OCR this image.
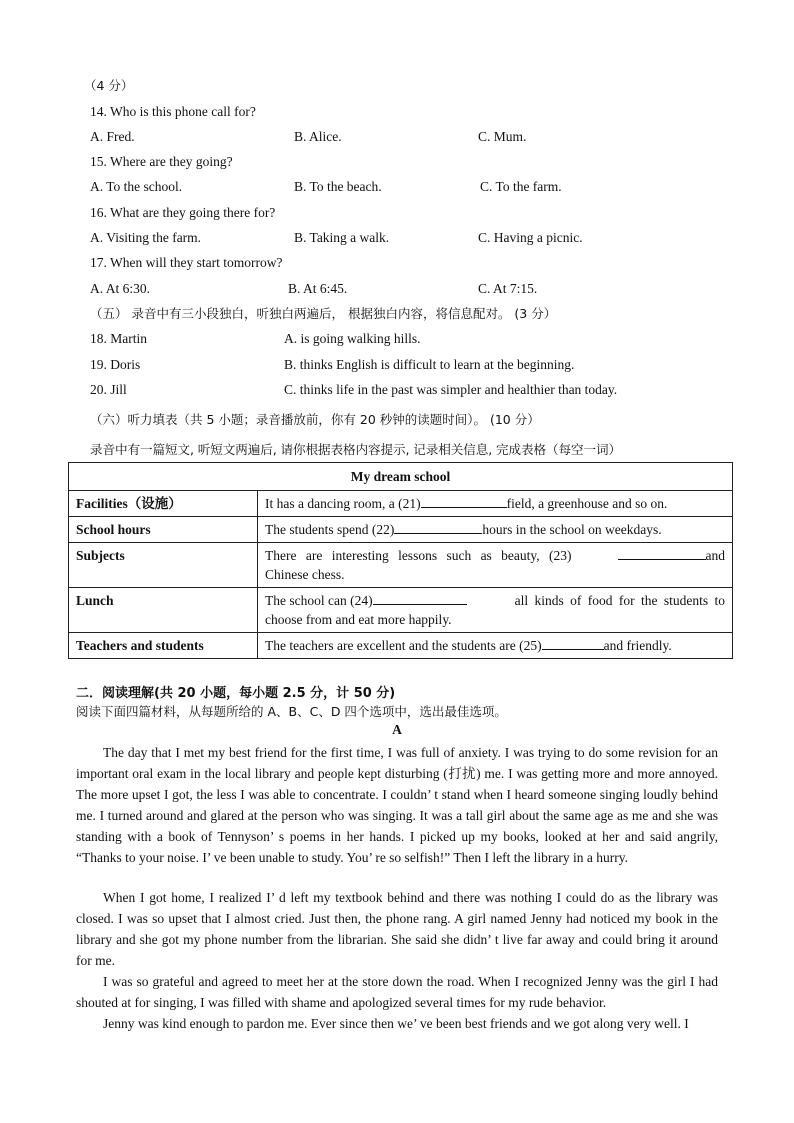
（4 分）
14. Who is this phone call for?
A. Fred.	B. Alice.	C. Mum.
15. Where are they going?
A. To the school.	B. To the beach.	C. To the farm.
16. What are they going there for?
A. Visiting the farm.	B. Taking a walk.	C. Having a picnic.
17. When will they start tomorrow?
A. At 6:30.	B. At 6:45.	C. At 7:15.
（五） 录音中有三小段独白，听独白两遍后， 根据独白内容，将信息配对。 (3 分）
18. Martin	A. is going walking hills.
19. Doris	B. thinks English is difficult to learn at the beginning.
20. Jill	C. thinks life in the past was simpler and healthier than today.
（六）听力填表（共 5 小题；录音播放前，你有 20 秒钟的读题时间）。 (10 分）
录音中有一篇短文, 听短文两遍后, 请你根据表格内容提示, 记录相关信息, 完成表格（每空一词）
My dream school	
Facilities（设施）	It has a dancing room, a (21) field, a greenhouse and so on.
School hours	The students spend (22) hours in the school on weekdays.
Subjects	There are interesting lessons such as beauty, (23) and
Chinese chess.

Lunch	The school can (24) all kinds of food for the students to
choose from and eat more happily.

Teachers and students	The teachers are excellent and the students are (25) and friendly.
二．阅读理解(共 20 小题，每小题 2.5 分，计 50 分)
阅读下面四篇材料，从每题所给的 A、B、C、D 四个选项中，选出最佳选项。
A
The day that I met my best friend for the first time, I was full of anxiety. I was trying to do some revision for an important oral exam in the local library and people kept disturbing (打扰) me. I was getting more and more annoyed. The more upset I got, the less I was able to concentrate. I couldn’ t stand when I heard someone singing loudly behind me. I turned around and glared at the person who was singing. It was a tall girl about the same age as me and she was standing with a book of Tennyson’ s poems in her hands. I picked up my books, looked at her and said angrily, “Thanks to your noise. I’ ve been unable to study. You’ re so selfish!” Then I left the library in a hurry.
When I got home, I realized I’ d left my textbook behind and there was nothing I could do as the library was closed. I was so upset that I almost cried. Just then, the phone rang. A girl named Jenny had noticed my book in the library and she got my phone number from the librarian. She said she didn’ t live far away and could bring it around for me.
I was so grateful and agreed to meet her at the store down the road. When I recognized Jenny was the girl I had shouted at for singing, I was filled with shame and apologized several times for my rude behavior.
Jenny was kind enough to pardon me. Ever since then we’ ve been best friends and we got along very well. I
